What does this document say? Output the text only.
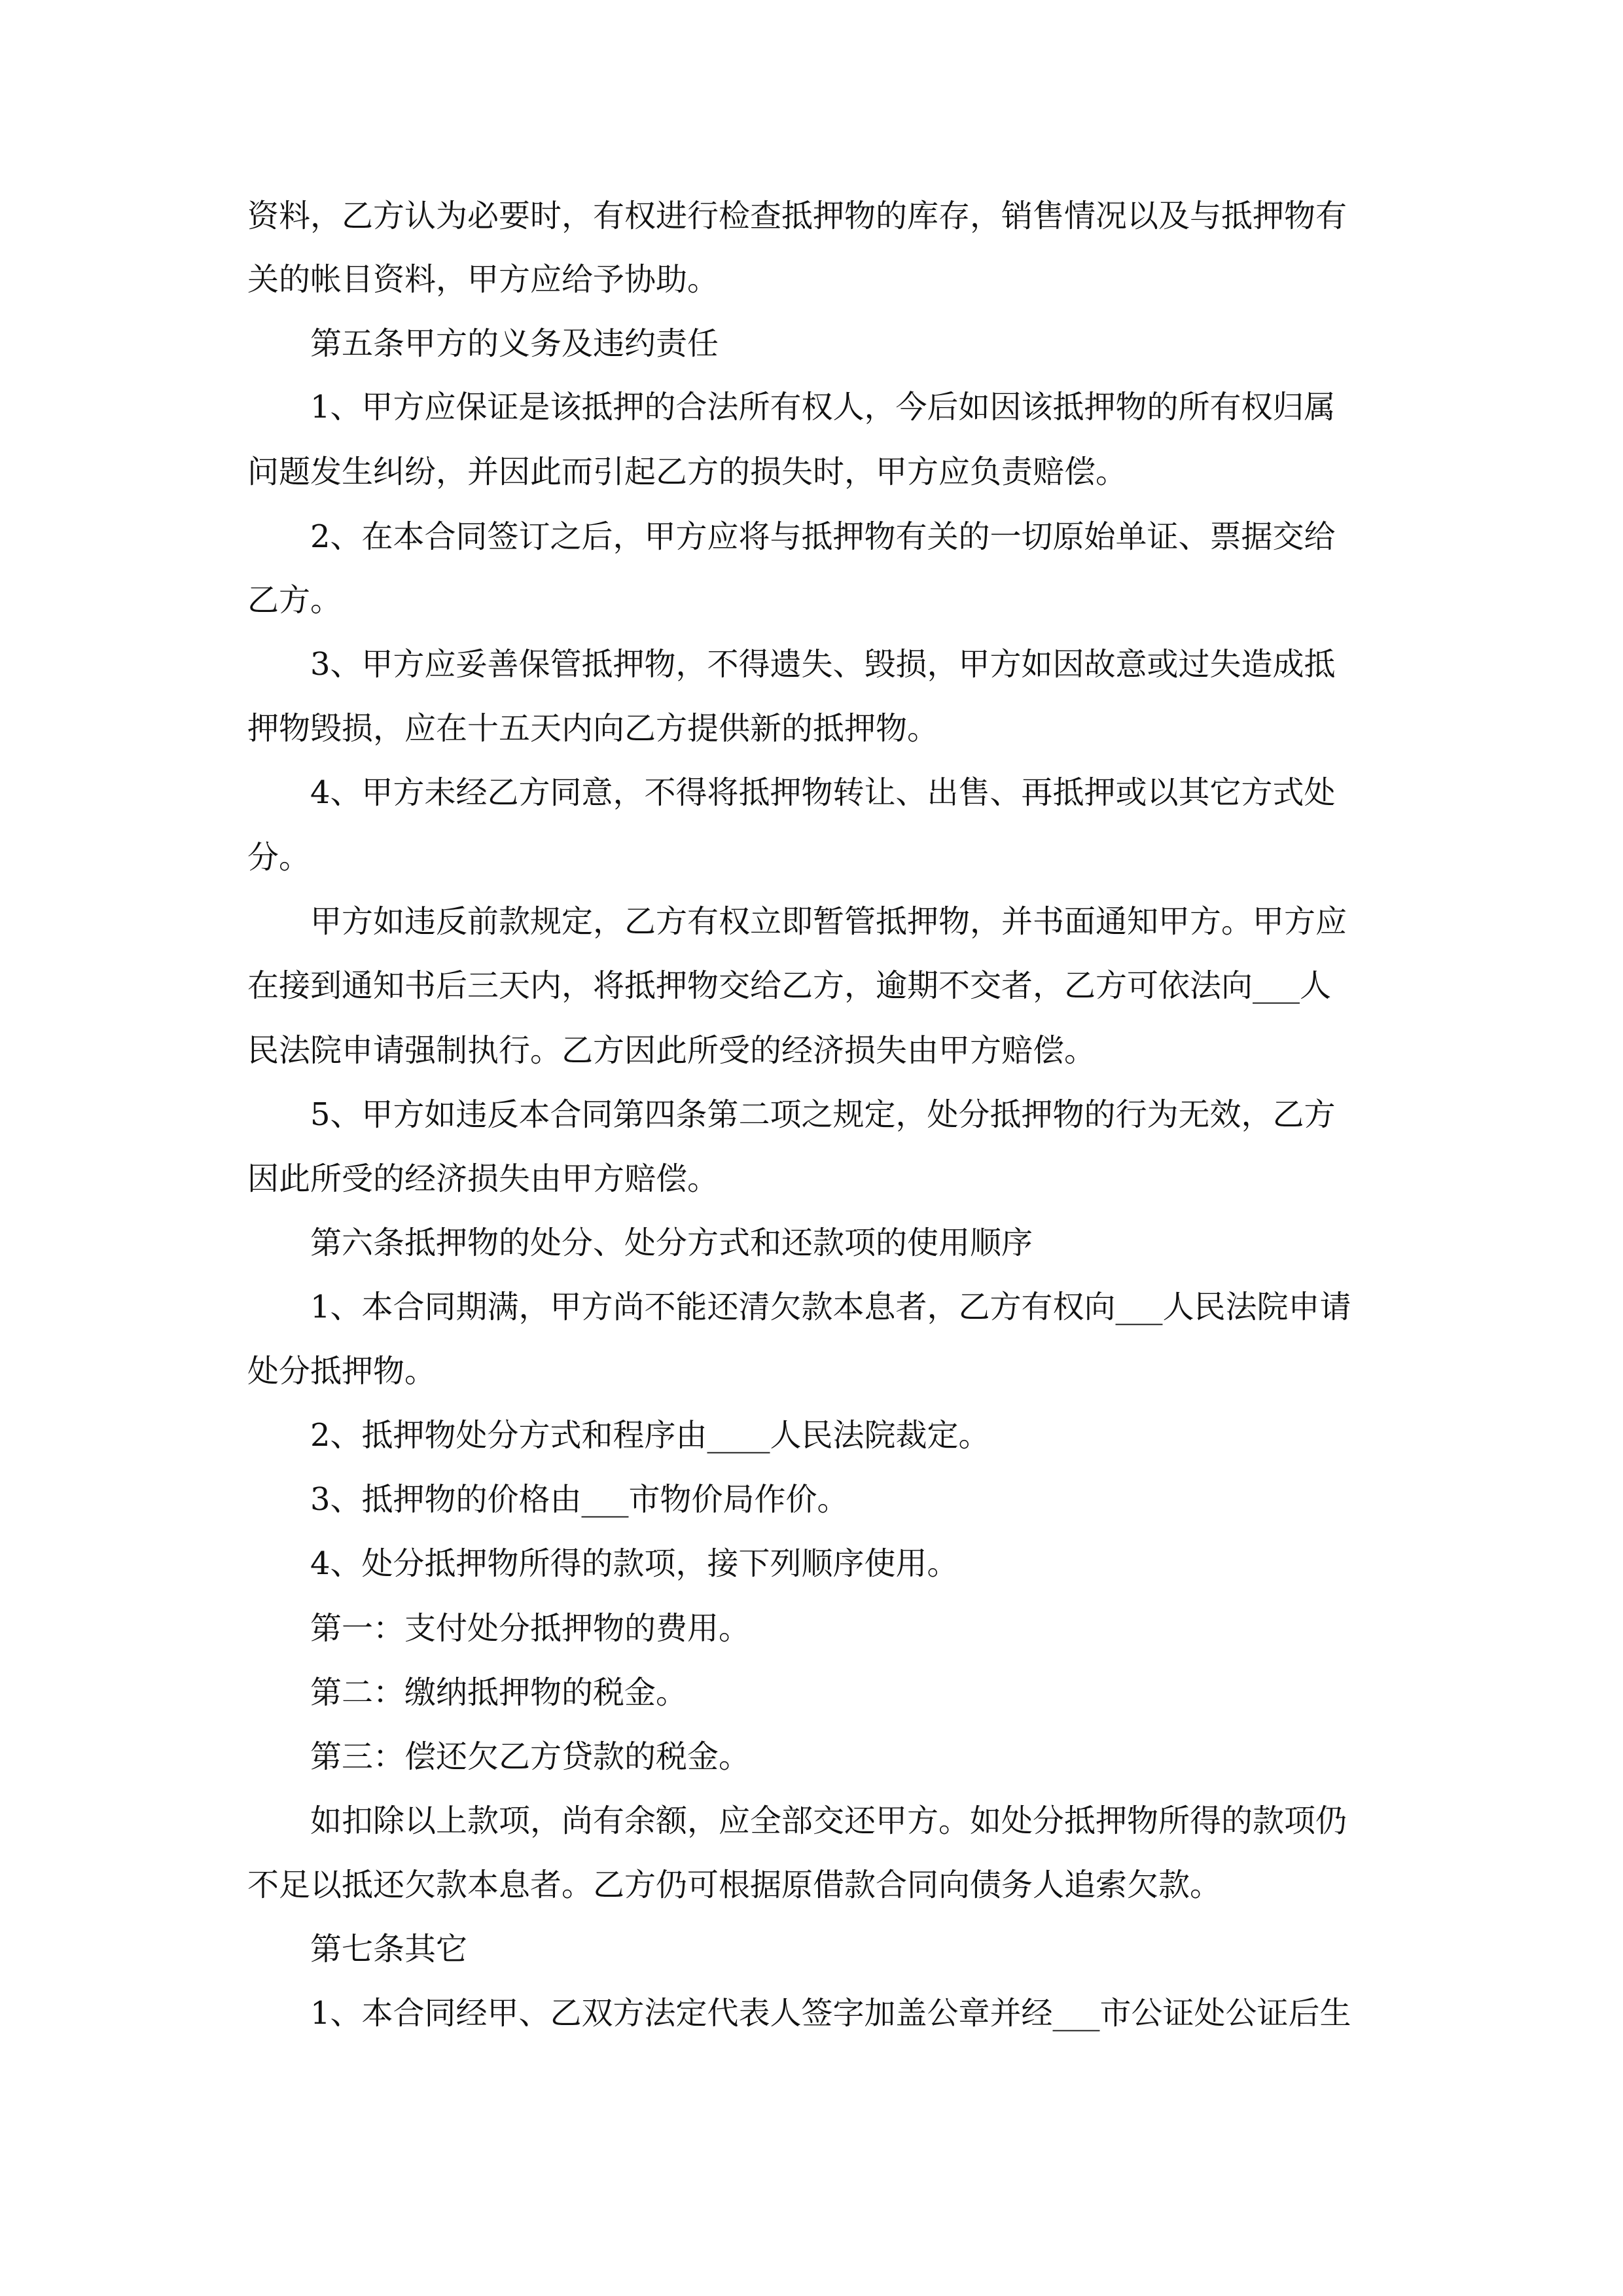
资料，乙方认为必要时，有权进行检查抵押物的库存，销售情况以及与抵押物有
关的帐目资料，甲方应给予协助。
第五条甲方的义务及违约责任
1、甲方应保证是该抵押的合法所有权人，今后如因该抵押物的所有权归属
问题发生纠纷，并因此而引起乙方的损失时，甲方应负责赔偿。
2、在本合同签订之后，甲方应将与抵押物有关的一切原始单证、票据交给
乙方。
3、甲方应妥善保管抵押物，不得遗失、毁损，甲方如因故意或过失造成抵
押物毁损，应在十五天内向乙方提供新的抵押物。
4、甲方未经乙方同意，不得将抵押物转让、出售、再抵押或以其它方式处
分。
甲方如违反前款规定，乙方有权立即暂管抵押物，并书面通知甲方。甲方应
在接到通知书后三天内，将抵押物交给乙方，逾期不交者，乙方可依法向___人
民法院申请强制执行。乙方因此所受的经济损失由甲方赔偿。
5、甲方如违反本合同第四条第二项之规定，处分抵押物的行为无效，乙方
因此所受的经济损失由甲方赔偿。
第六条抵押物的处分、处分方式和还款项的使用顺序
1、本合同期满，甲方尚不能还清欠款本息者，乙方有权向___人民法院申请
处分抵押物。
2、抵押物处分方式和程序由____人民法院裁定。
3、抵押物的价格由___市物价局作价。
4、处分抵押物所得的款项，接下列顺序使用。
第一：支付处分抵押物的费用。
第二：缴纳抵押物的税金。
第三：偿还欠乙方贷款的税金。
如扣除以上款项，尚有余额，应全部交还甲方。如处分抵押物所得的款项仍
不足以抵还欠款本息者。乙方仍可根据原借款合同向债务人追索欠款。
第七条其它
1、本合同经甲、乙双方法定代表人签字加盖公章并经___市公证处公证后生
